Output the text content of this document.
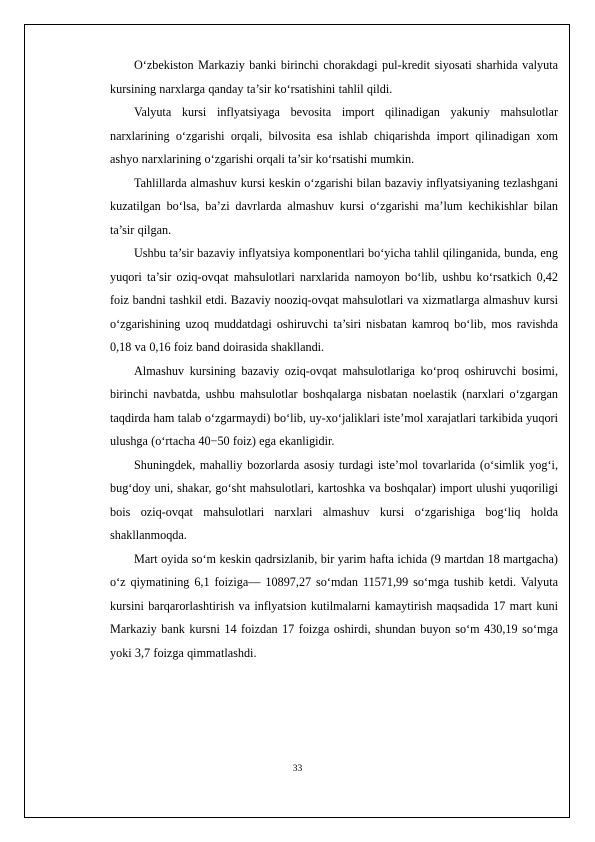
O‘zbekiston Markaziy banki birinchi chorakdagi pul-kredit siyosati sharhida valyuta kursining narxlarga qanday ta’sir ko‘rsatishini tahlil qildi.

Valyuta kursi inflyatsiyaga bevosita import qilinadigan yakuniy mahsulotlar narxlarining o‘zgarishi orqali, bilvosita esa ishlab chiqarishda import qilinadigan xom ashyo narxlarining o‘zgarishi orqali ta’sir ko‘rsatishi mumkin.

Tahlillarda almashuv kursi keskin o‘zgarishi bilan bazaviy inflyatsiyaning tezlashgani kuzatilgan bo‘lsa, ba’zi davrlarda almashuv kursi o‘zgarishi ma’lum kechikishlar bilan ta’sir qilgan.

Ushbu ta’sir bazaviy inflyatsiya komponentlari bo‘yicha tahlil qilinganida, bunda, eng yuqori ta’sir oziq-ovqat mahsulotlari narxlarida namoyon bo‘lib, ushbu ko‘rsatkich 0,42 foiz bandni tashkil etdi. Bazaviy nooziq-ovqat mahsulotlari va xizmatlarga almashuv kursi o‘zgarishining uzoq muddatdagi oshiruvchi ta’siri nisbatan kamroq bo‘lib, mos ravishda 0,18 va 0,16 foiz band doirasida shakllandi.

Almashuv kursining bazaviy oziq-ovqat mahsulotlariga ko‘proq oshiruvchi bosimi, birinchi navbatda, ushbu mahsulotlar boshqalarga nisbatan noelastik (narxlari o‘zgargan taqdirda ham talab o‘zgarmaydi) bo‘lib, uy-xo‘jaliklari iste’mol xarajatlari tarkibida yuqori ulushga (o‘rtacha 40−50 foiz) ega ekanligidir.

Shuningdek, mahalliy bozorlarda asosiy turdagi iste’mol tovarlarida (o‘simlik yog‘i, bug‘doy uni, shakar, go‘sht mahsulotlari, kartoshka va boshqalar) import ulushi yuqoriligi bois oziq-ovqat mahsulotlari narxlari almashuv kursi o‘zgarishiga bog‘liq holda shakllanmoqda.

Mart oyida so‘m keskin qadrsizlanib, bir yarim hafta ichida (9 martdan 18 martgacha) o‘z qiymatining 6,1 foiziga— 10897,27 so‘mdan 11571,99 so‘mga tushib ketdi. Valyuta kursini barqarorlashtirish va inflyatsion kutilmalarni kamaytirish maqsadida 17 mart kuni Markaziy bank kursni 14 foizdan 17 foizga oshirdi, shundan buyon so‘m 430,19 so‘mga yoki 3,7 foizga qimmatlashdi.

33
